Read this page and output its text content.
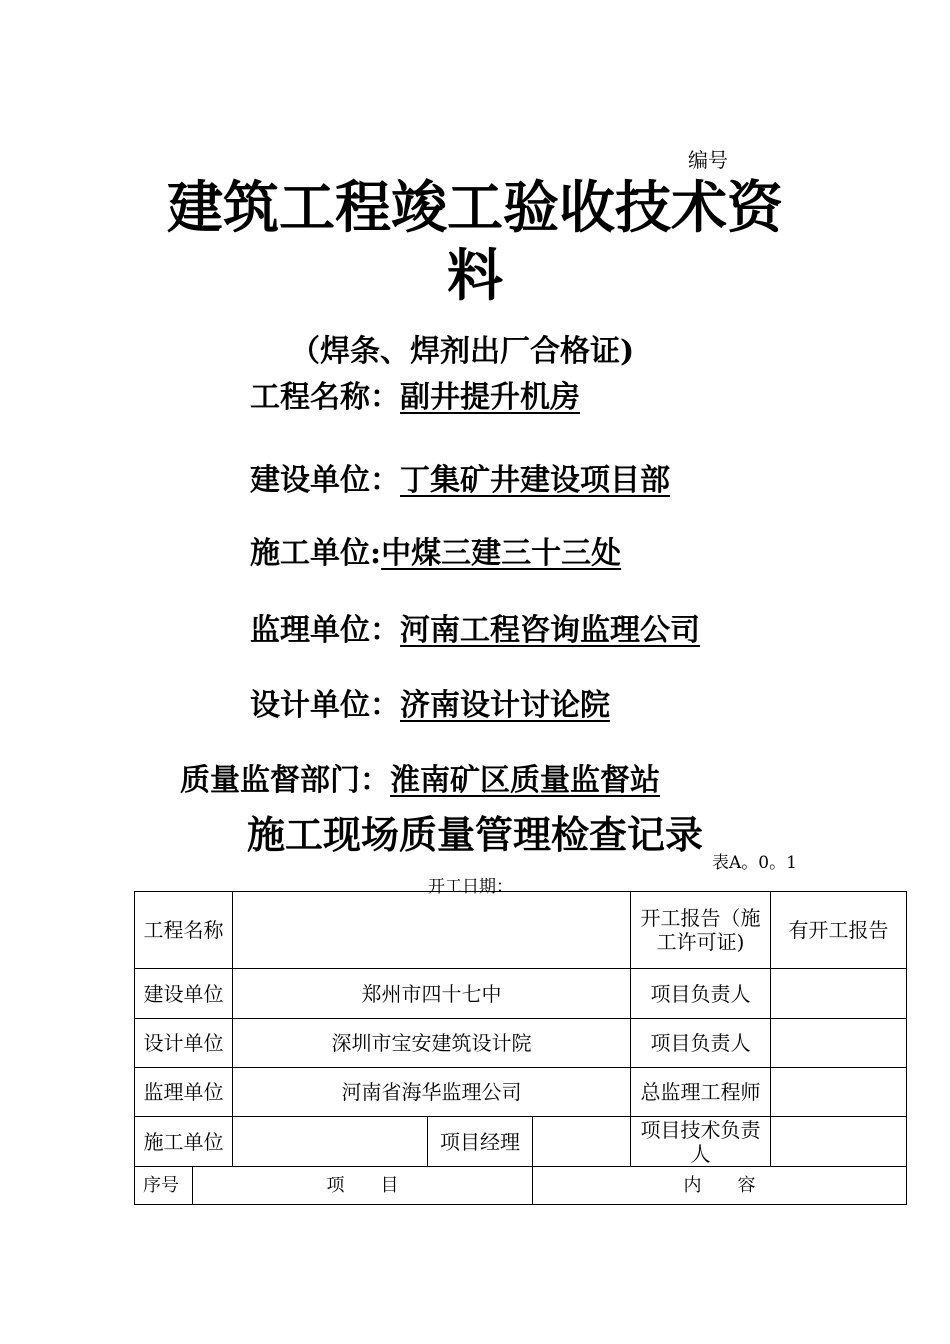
编号
建筑工程竣工验收技术资
料
（焊条、焊剂出厂合格证)
工程名称：副井提升机房
建设单位：丁集矿井建设项目部
施工单位:中煤三建三十三处
监理单位：河南工程咨询监理公司
设计单位：济南设计讨论院
质量监督部门：淮南矿区质量监督站
施工现场质量管理检查记录
表A。0。1
开工日期：
工程名称					开工报告（施工许可证)	有开工报告
建设单位		郑州市四十七中			项目负责人	
设计单位		深圳市宝安建筑设计院			项目负责人	
监理单位		河南省海华监理公司			总监理工程师	
施工单位			项目经理		项目技术负责人	
序号	项　　目			内　　容		
